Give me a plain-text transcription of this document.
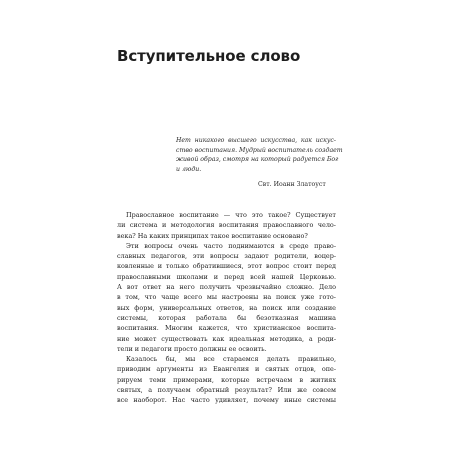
Вступительное слово
Нет никакого высшего искусства, как искус-
ство воспитания. Мудрый воспитатель создает
живой образ, смотря на который радуется Бог
и люди.
Свт. Иоанн Златоуст
Православное воспитание — что это такое? Существует
ли система и методология воспитания православного чело-
века? На каких принципах такое воспитание основано?
Эти вопросы очень часто поднимаются в среде право-
славных педагогов, эти вопросы задают родители, воцер-
ковленные и только обратившиеся, этот вопрос стоит перед
православными школами и перед всей нашей Церковью.
А вот ответ на него получить чрезвычайно сложно. Дело
в том, что чаще всего мы настроены на поиск уже гото-
вых форм, универсальных ответов, на поиск или создание
системы, которая работала бы безотказная машина
воспитания. Многим кажется, что христианское воспита-
ние может существовать как идеальная методика, а роди-
тели и педагоги просто должны ее освоить.
Казалось бы, мы все стараемся делать правильно,
приводим аргументы из Евангелия и святых отцов, опе-
рируем теми примерами, которые встречаем в житиях
святых, а получаем обратный результат? Или же совсем
все наоборот. Нас часто удивляет, почему иные системы
